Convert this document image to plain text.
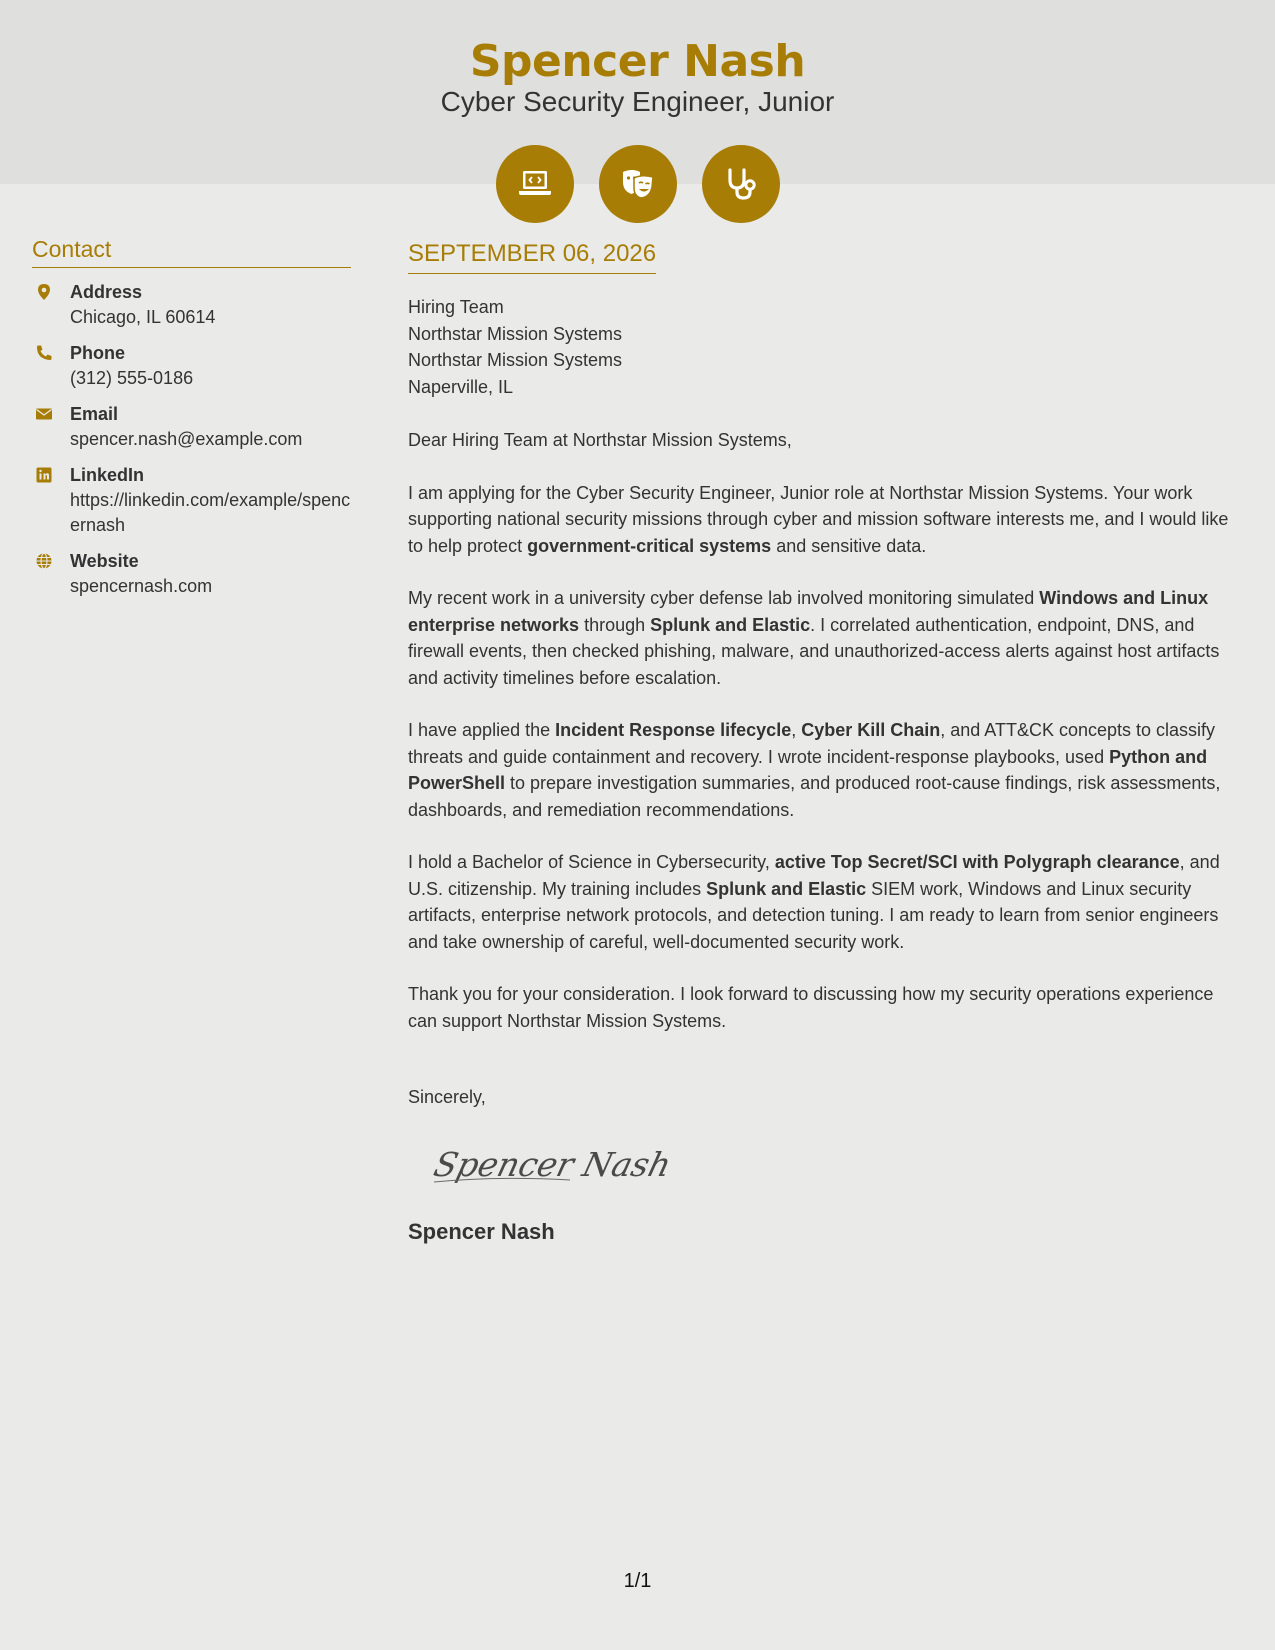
Spencer Nash
Cyber Security Engineer, Junior
Contact
Address
Chicago, IL 60614
Phone
(312) 555-0186
Email
spencer.nash@example.com
LinkedIn
https://linkedin.com/example/spencernash
Website
spencernash.com
SEPTEMBER 06, 2026
Hiring Team
Northstar Mission Systems
Northstar Mission Systems
Naperville, IL
Dear Hiring Team at Northstar Mission Systems,

I am applying for the Cyber Security Engineer, Junior role at Northstar Mission Systems. Your work supporting national security missions through cyber and mission software interests me, and I would like to help protect government-critical systems and sensitive data.

My recent work in a university cyber defense lab involved monitoring simulated Windows and Linux enterprise networks through Splunk and Elastic. I correlated authentication, endpoint, DNS, and firewall events, then checked phishing, malware, and unauthorized-access alerts against host artifacts and activity timelines before escalation.

I have applied the Incident Response lifecycle, Cyber Kill Chain, and ATT&CK concepts to classify threats and guide containment and recovery. I wrote incident-response playbooks, used Python and PowerShell to prepare investigation summaries, and produced root-cause findings, risk assessments, dashboards, and remediation recommendations.

I hold a Bachelor of Science in Cybersecurity, active Top Secret/SCI with Polygraph clearance, and U.S. citizenship. My training includes Splunk and Elastic SIEM work, Windows and Linux security artifacts, enterprise network protocols, and detection tuning. I am ready to learn from senior engineers and take ownership of careful, well-documented security work.

Thank you for your consideration. I look forward to discussing how my security operations experience can support Northstar Mission Systems.

Sincerely,
Spencer Nash
Spencer Nash
1/1
